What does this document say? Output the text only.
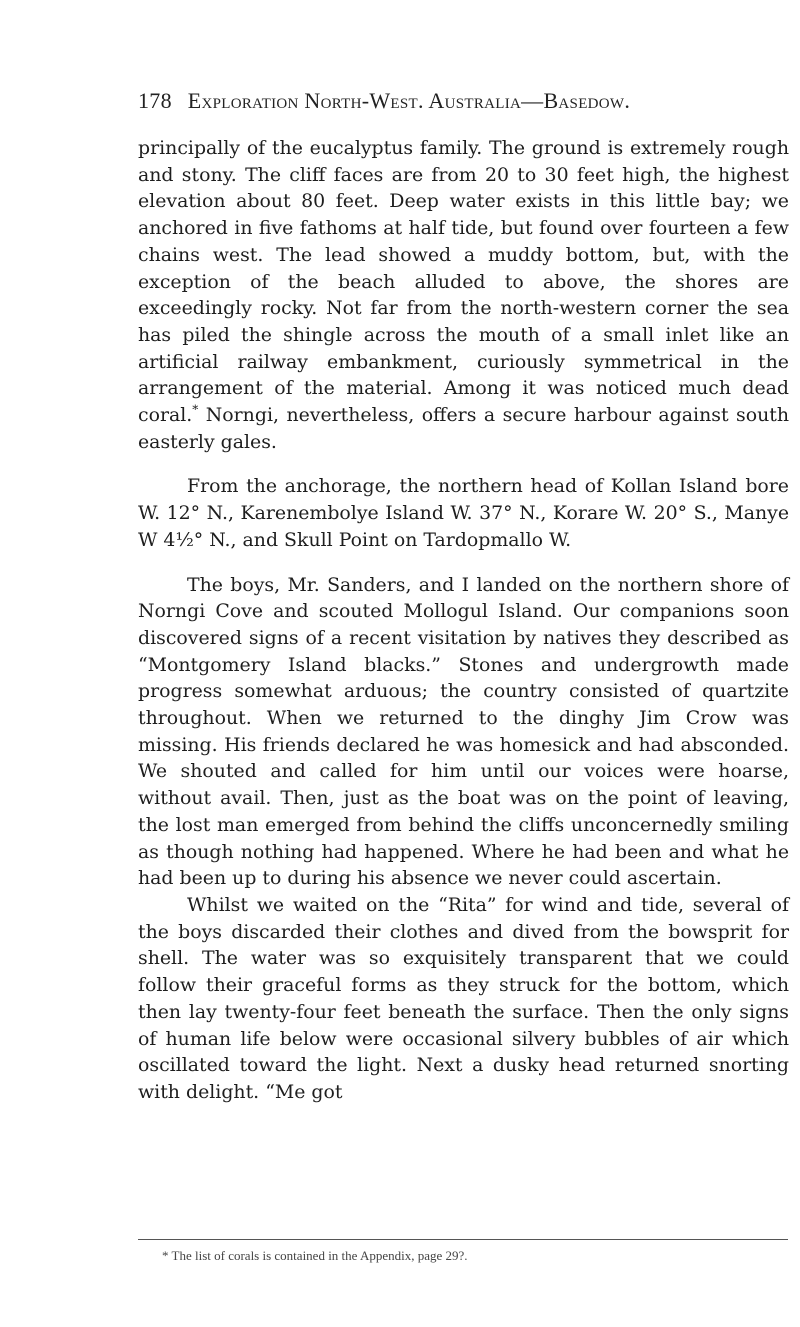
178 Exploration North-West. Australia—Basedow.

principally of the eucalyptus family. The ground is extremely rough and stony. The cliff faces are from 20 to 30 feet high, the highest elevation about 80 feet. Deep water exists in this little bay; we anchored in five fathoms at half tide, but found over fourteen a few chains west. The lead showed a muddy bottom, but, with the exception of the beach alluded to above, the shores are exceedingly rocky. Not far from the north-western corner the sea has piled the shingle across the mouth of a small inlet like an artificial railway embankment, curiously symmetrical in the arrangement of the material. Among it was noticed much dead coral.* Norngi, nevertheless, offers a secure harbour against south easterly gales.

From the anchorage, the northern head of Kollan Island bore W. 12° N., Karenembolye Island W. 37° N., Korare W. 20° S., Manye W 4½° N., and Skull Point on Tardopmallo W.

The boys, Mr. Sanders, and I landed on the northern shore of Norngi Cove and scouted Mollogul Island. Our companions soon discovered signs of a recent visitation by natives they described as “Montgomery Island blacks.” Stones and undergrowth made progress somewhat arduous; the country consisted of quartzite throughout. When we returned to the dinghy Jim Crow was missing. His friends declared he was homesick and had absconded. We shouted and called for him until our voices were hoarse, without avail. Then, just as the boat was on the point of leaving, the lost man emerged from behind the cliffs unconcernedly smiling as though nothing had happened. Where he had been and what he had been up to during his absence we never could ascertain.

Whilst we waited on the “Rita” for wind and tide, several of the boys discarded their clothes and dived from the bowsprit for shell. The water was so exquisitely transparent that we could follow their graceful forms as they struck for the bottom, which then lay twenty-four feet beneath the surface. Then the only signs of human life below were occasional silvery bubbles of air which oscillated toward the light. Next a dusky head returned snorting with delight. “Me got

* The list of corals is contained in the Appendix, page 29?.
